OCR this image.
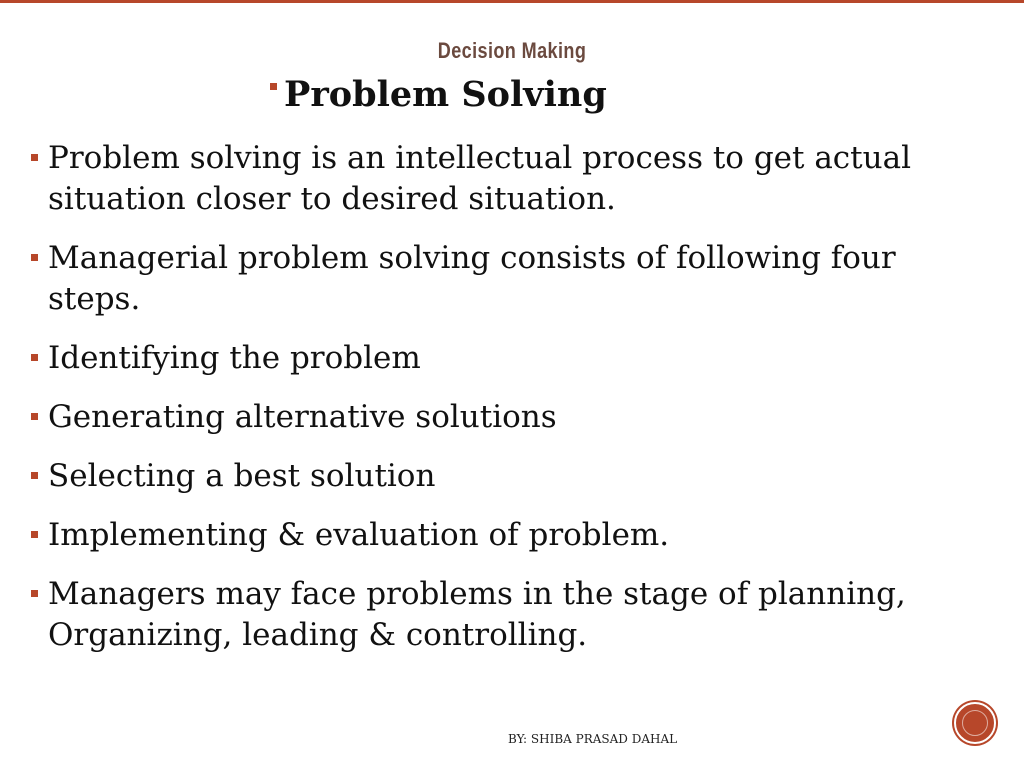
Decision Making
Problem Solving
Problem solving is an intellectual process to get actual situation closer to desired situation.
Managerial problem solving consists of following four steps.
Identifying the problem
Generating alternative solutions
Selecting a best solution
Implementing & evaluation of problem.
Managers may face problems in the stage of planning, Organizing, leading & controlling.
BY: SHIBA PRASAD DAHAL
